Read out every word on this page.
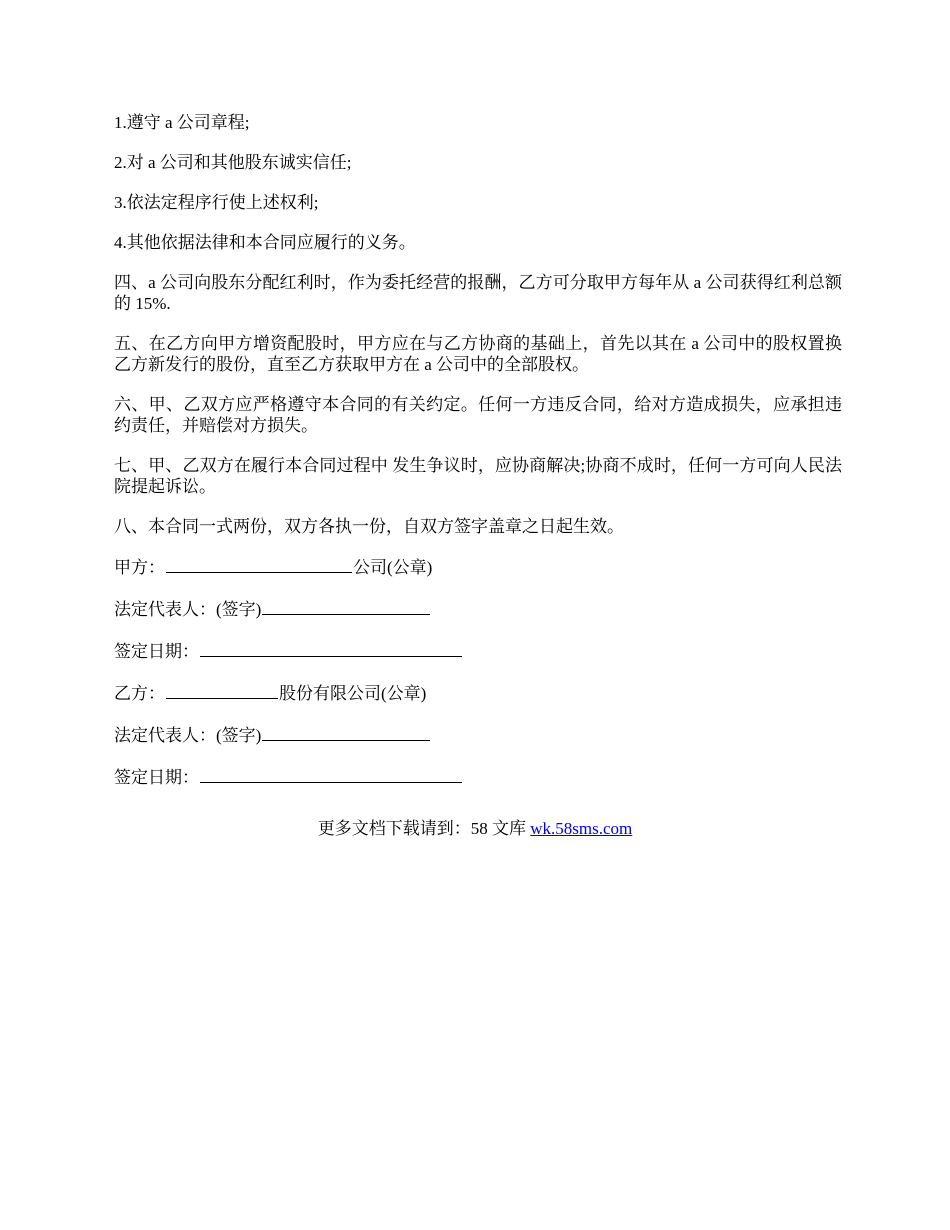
1.遵守 a 公司章程;

2.对 a 公司和其他股东诚实信任;

3.依法定程序行使上述权利;

4.其他依据法律和本合同应履行的义务。

四、a 公司向股东分配红利时，作为委托经营的报酬，乙方可分取甲方每年从 a 公司获得红利总额的 15%.

五、在乙方向甲方增资配股时，甲方应在与乙方协商的基础上，首先以其在 a 公司中的股权置换乙方新发行的股份，直至乙方获取甲方在 a 公司中的全部股权。

六、甲、乙双方应严格遵守本合同的有关约定。任何一方违反合同，给对方造成损失，应承担违约责任，并赔偿对方损失。

七、甲、乙双方在履行本合同过程中 发生争议时，应协商解决;协商不成时，任何一方可向人民法院提起诉讼。

八、本合同一式两份，双方各执一份，自双方签字盖章之日起生效。

甲方：	公司(公章)
法定代表人：(签字)
签定日期：
乙方：	股份有限公司(公章)
法定代表人：(签字)
签定日期：
更多文档下载请到：58 文库 wk.58sms.com
